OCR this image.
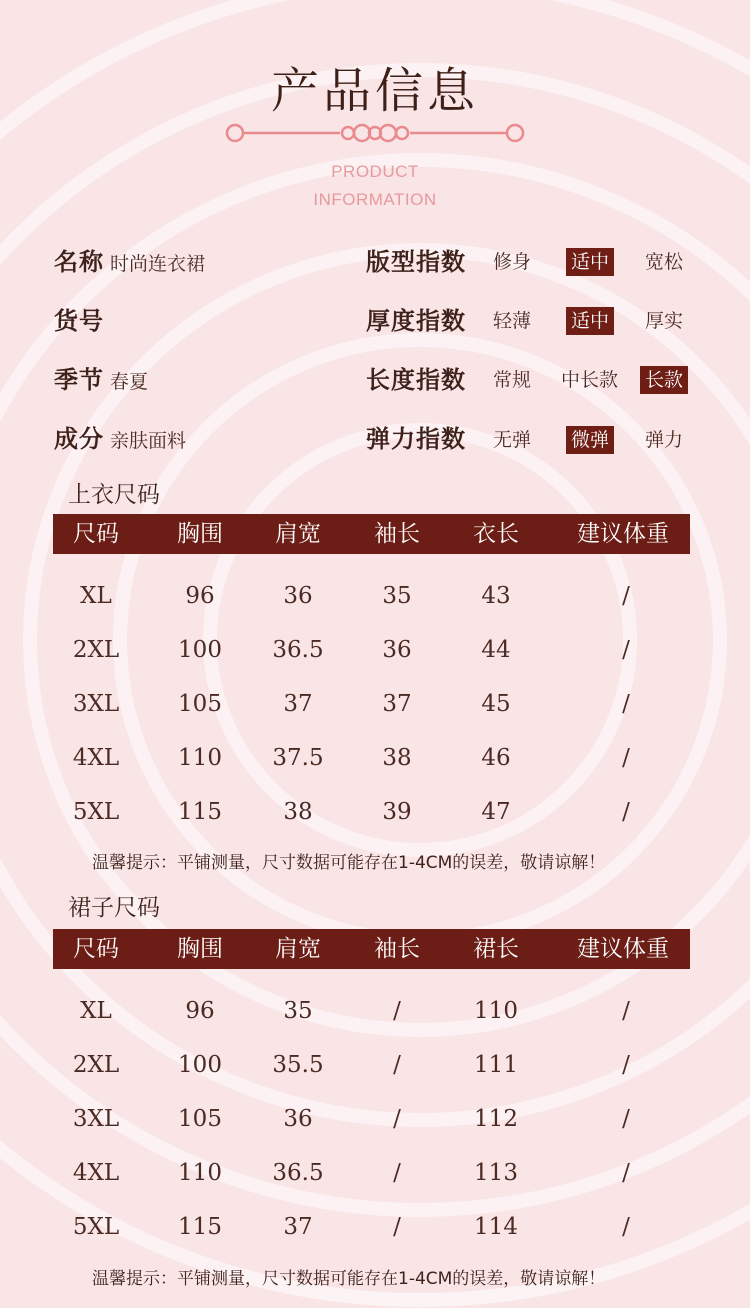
产品信息
PRODUCT
INFORMATION
名称 时尚连衣裙
货号
季节 春夏
成分 亲肤面料
版型指数 修身 适中 宽松
厚度指数 轻薄 适中 厚实
长度指数 常规 中长款 长款
弹力指数 无弹 微弹 弹力
上衣尺码
尺码	胸围 肩宽 袖长 衣长	建议体重
XL	96	36	35	43	/
2XL	100 36.5	36	44	/
3XL	105	37	37	45	/
4XL	110 37.5	38	46	/
5XL	115	38	39	47	/
温馨提示：平铺测量，尺寸数据可能存在1-4CM的误差，敬请谅解！
裙子尺码
尺码	胸围 肩宽 袖长 裙长	建议体重
XL	96	35	/	110	/
2XL	100 35.5	/	111	/
3XL	105	36	/	112	/
4XL	110 36.5	/	113	/
5XL	115	37	/	114	/
温馨提示：平铺测量，尺寸数据可能存在1-4CM的误差，敬请谅解！
